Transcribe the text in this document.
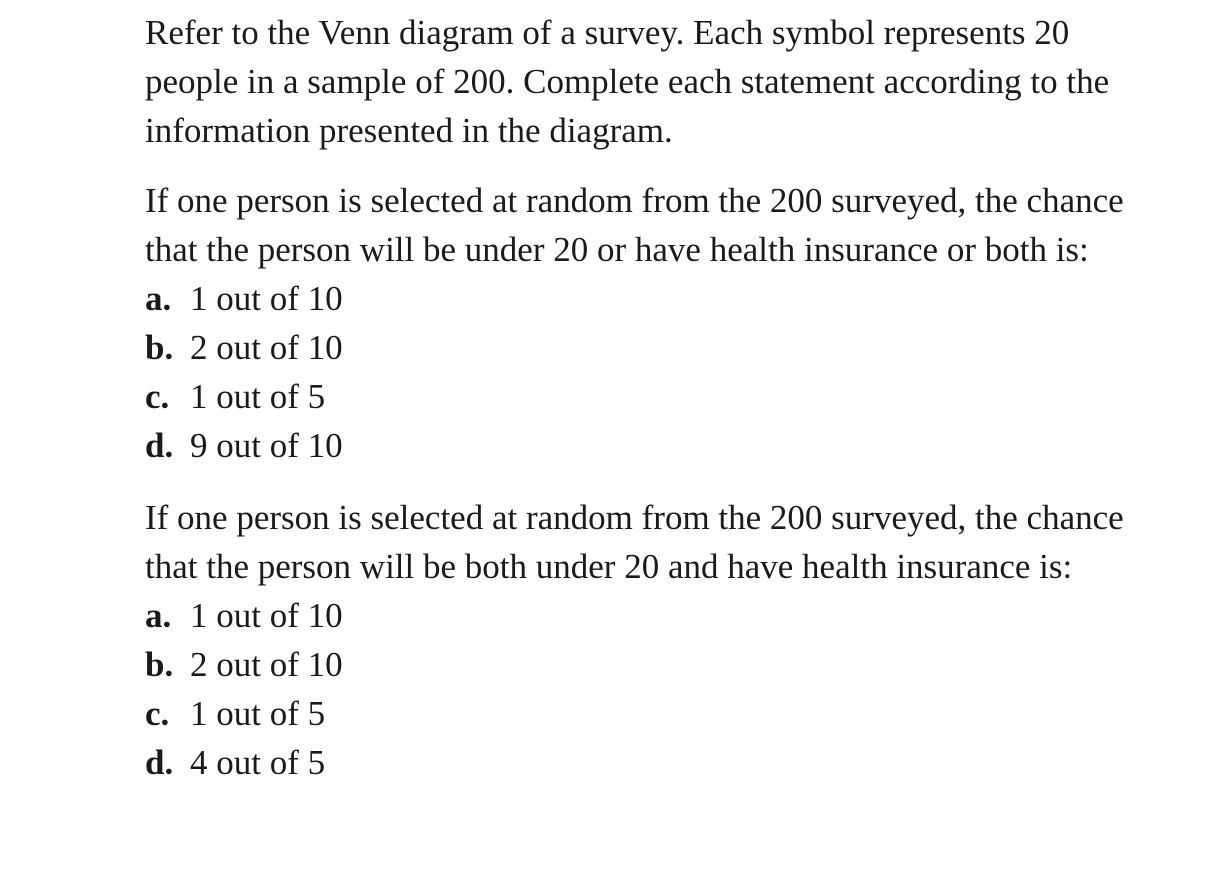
Refer to the Venn diagram of a survey. Each symbol represents 20 people in a sample of 200. Complete each statement according to the information presented in the diagram.

If one person is selected at random from the 200 surveyed, the chance that the person will be under 20 or have health insurance or both is:

a. 1 out of 10
b. 2 out of 10
c. 1 out of 5
d. 9 out of 10

If one person is selected at random from the 200 surveyed, the chance that the person will be both under 20 and have health insurance is:

a. 1 out of 10
b. 2 out of 10
c. 1 out of 5
d. 4 out of 5
